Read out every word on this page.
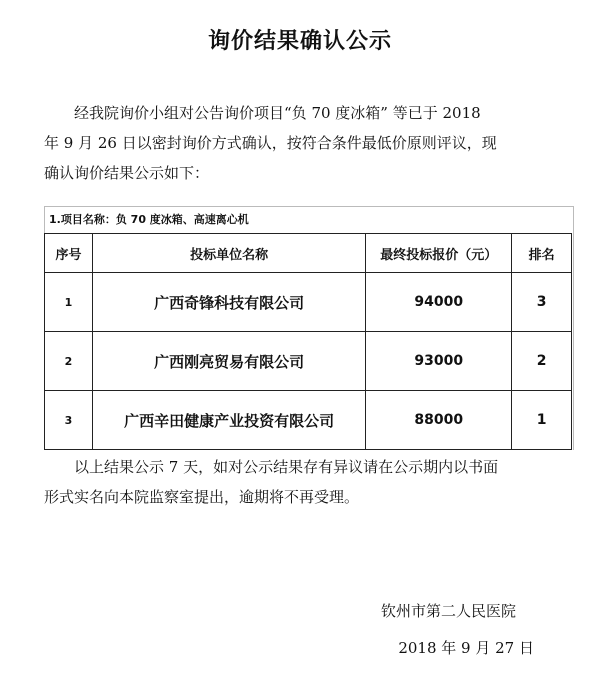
询价结果确认公示
经我院询价小组对公告询价项目“负 70 度冰箱” 等已于 2018
年 9 月 26 日以密封询价方式确认，按符合条件最低价原则评议，现
确认询价结果公示如下：
1.项目名称：负 70 度冰箱、高速离心机
序号	投标单位名称	最终投标报价（元）	排名
1	广西奇锋科技有限公司	94000	3
2	广西刚亮贸易有限公司	93000	2
3	广西辛田健康产业投资有限公司	88000	1
以上结果公示 7 天，如对公示结果存有异议请在公示期内以书面
形式实名向本院监察室提出，逾期将不再受理。
钦州市第二人民医院
2018 年 9 月 27 日
